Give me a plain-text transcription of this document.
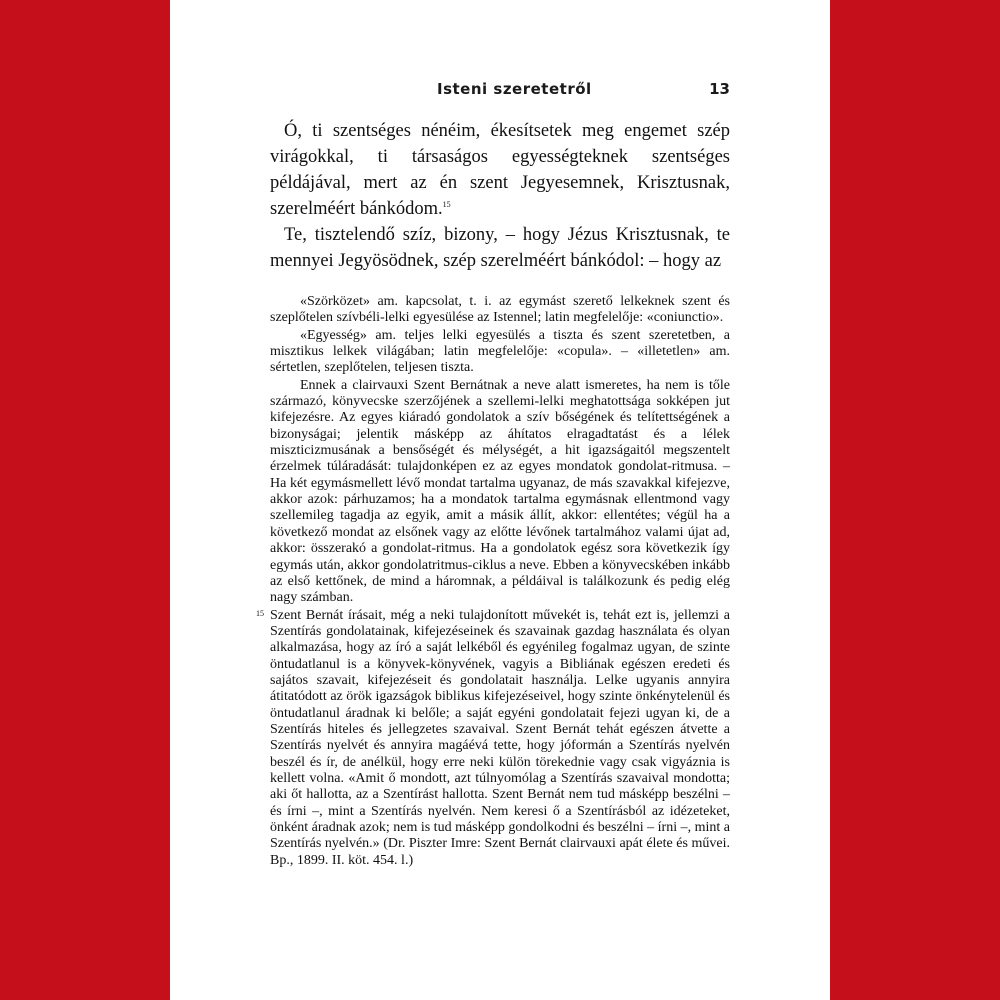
Isteni szeretetről	13

Ó, ti szentséges nénéim, ékesítsetek meg engemet szép virágokkal, ti társaságos egyességteknek szentséges példájával, mert az én szent Jegyesemnek, Krisztusnak, szerelméért bánkódom.$^{15}$

Te, tisztelendő szíz, bizony, – hogy Jézus Krisztusnak, te mennyei Jegyösödnek, szép szerelméért bánkódol: – hogy az

«Szörközet» am. kapcsolat, t. i. az egymást szerető lelkeknek szent és szeplőtelen szívbéli-lelki egyesülése az Istennel; latin megfelelője: «coniunctio».

«Egyesség» am. teljes lelki egyesülés a tiszta és szent szeretetben, a misztikus lelkek világában; latin megfelelője: «copula». – «illetetlen» am. sértetlen, szeplőtelen, teljesen tiszta.

Ennek a clairvauxi Szent Bernátnak a neve alatt ismeretes, ha nem is tőle származó, könyvecske szerzőjének a szellemi-lelki meghatottsága sokképen jut kifejezésre. Az egyes kiáradó gondolatok a szív bőségének és telítettségének a bizonyságai; jelentik másképp az áhítatos elragadtatást és a lélek miszticizmusának a bensőségét és mélységét, a hit igazságaitól megszentelt érzelmek túláradását: tulajdonképen ez az egyes mondatok gondolat-ritmusa. – Ha két egymásmellett lévő mondat tartalma ugyanaz, de más szavakkal kifejezve, akkor azok: párhuzamos; ha a mondatok tartalma egymásnak ellentmond vagy szellemileg tagadja az egyik, amit a másik állít, akkor: ellentétes; végül ha a következő mondat az elsőnek vagy az előtte lévőnek tartalmához valami újat ad, akkor: összerakó a gondolat-ritmus. Ha a gondolatok egész sora következik így egymás után, akkor gondolatritmus-ciklus a neve. Ebben a könyvecskében inkább az első kettőnek, de mind a háromnak, a példáival is találkozunk és pedig elég nagy számban.

15 Szent Bernát írásait, még a neki tulajdonított művekét is, tehát ezt is, jellemzi a Szentírás gondolatainak, kifejezéseinek és szavainak gazdag használata és olyan alkalmazása, hogy az író a saját lelkéből és egyénileg fogalmaz ugyan, de szinte öntudatlanul is a könyvek-könyvének, vagyis a Bibliának egészen eredeti és sajátos szavait, kifejezéseit és gondolatait használja. Lelke ugyanis annyira átitatódott az örök igazságok biblikus kifejezéseivel, hogy szinte önkénytelenül és öntudatlanul áradnak ki belőle; a saját egyéni gondolatait fejezi ugyan ki, de a Szentírás hiteles és jellegzetes szavaival. Szent Bernát tehát egészen átvette a Szentírás nyelvét és annyira magáévá tette, hogy jóformán a Szentírás nyelvén beszél és ír, de anélkül, hogy erre neki külön törekednie vagy csak vigyáznia is kellett volna. «Amit ő mondott, azt túlnyomólag a Szentírás szavaival mondotta; aki őt hallotta, az a Szentírást hallotta. Szent Bernát nem tud másképp beszélni – és írni –, mint a Szentírás nyelvén. Nem keresi ő a Szentírásból az idézeteket, önként áradnak azok; nem is tud másképp gondolkodni és beszélni – írni –, mint a Szentírás nyelvén.» (Dr. Piszter Imre: Szent Bernát clairvauxi apát élete és művei. Bp., 1899. II. köt. 454. l.)
